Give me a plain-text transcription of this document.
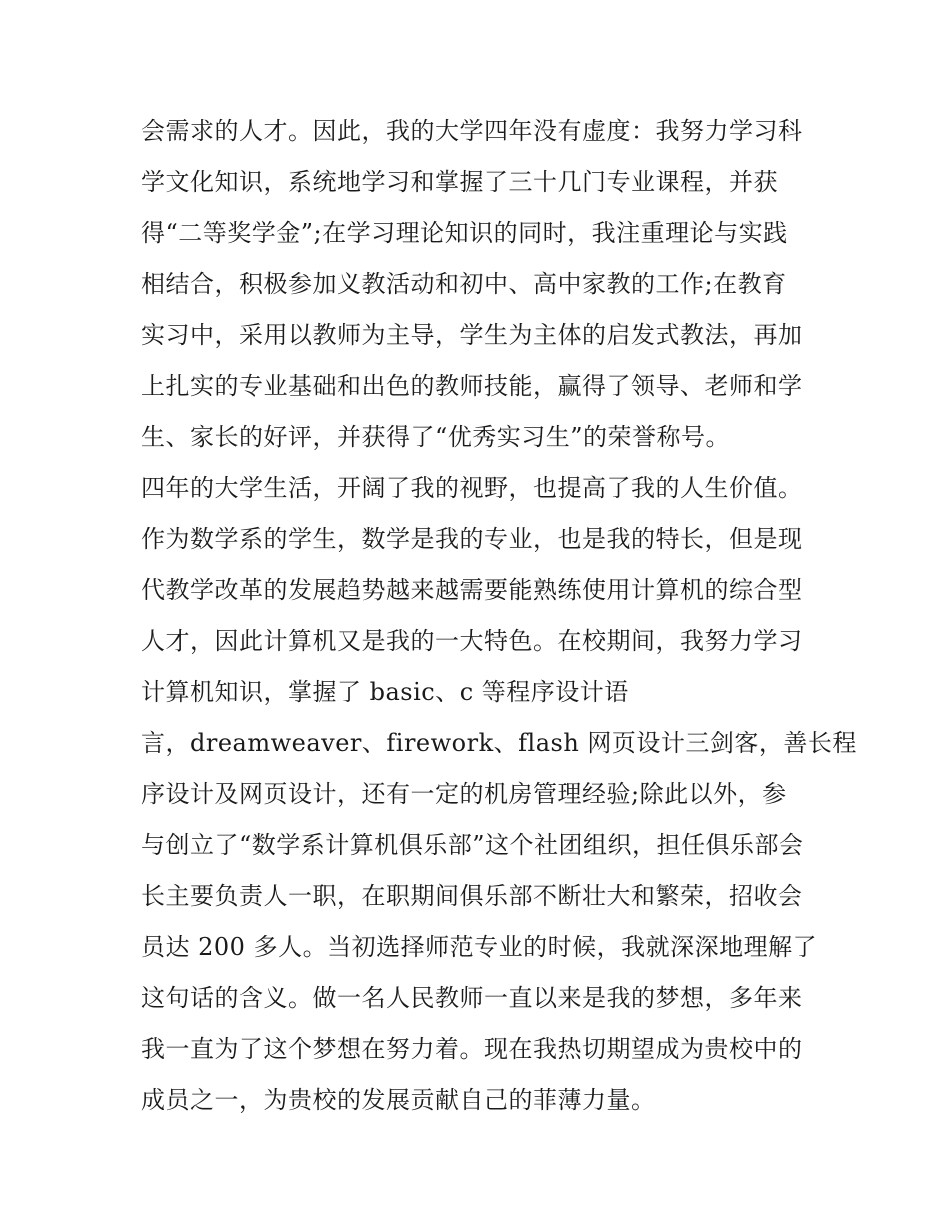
会需求的人才。因此，我的大学四年没有虚度：我努力学习科
学文化知识，系统地学习和掌握了三十几门专业课程，并获
得“二等奖学金”;在学习理论知识的同时，我注重理论与实践
相结合，积极参加义教活动和初中、高中家教的工作;在教育
实习中，采用以教师为主导，学生为主体的启发式教法，再加
上扎实的专业基础和出色的教师技能，赢得了领导、老师和学
生、家长的好评，并获得了“优秀实习生”的荣誉称号。
四年的大学生活，开阔了我的视野，也提高了我的人生价值。
作为数学系的学生，数学是我的专业，也是我的特长，但是现
代教学改革的发展趋势越来越需要能熟练使用计算机的综合型
人才，因此计算机又是我的一大特色。在校期间，我努力学习
计算机知识，掌握了 basic、c 等程序设计语
言，dreamweaver、firework、flash 网页设计三剑客，善长程
序设计及网页设计，还有一定的机房管理经验;除此以外，参
与创立了“数学系计算机俱乐部”这个社团组织，担任俱乐部会
长主要负责人一职，在职期间俱乐部不断壮大和繁荣，招收会
员达 200 多人。当初选择师范专业的时候，我就深深地理解了
这句话的含义。做一名人民教师一直以来是我的梦想，多年来
我一直为了这个梦想在努力着。现在我热切期望成为贵校中的
成员之一，为贵校的发展贡献自己的菲薄力量。
